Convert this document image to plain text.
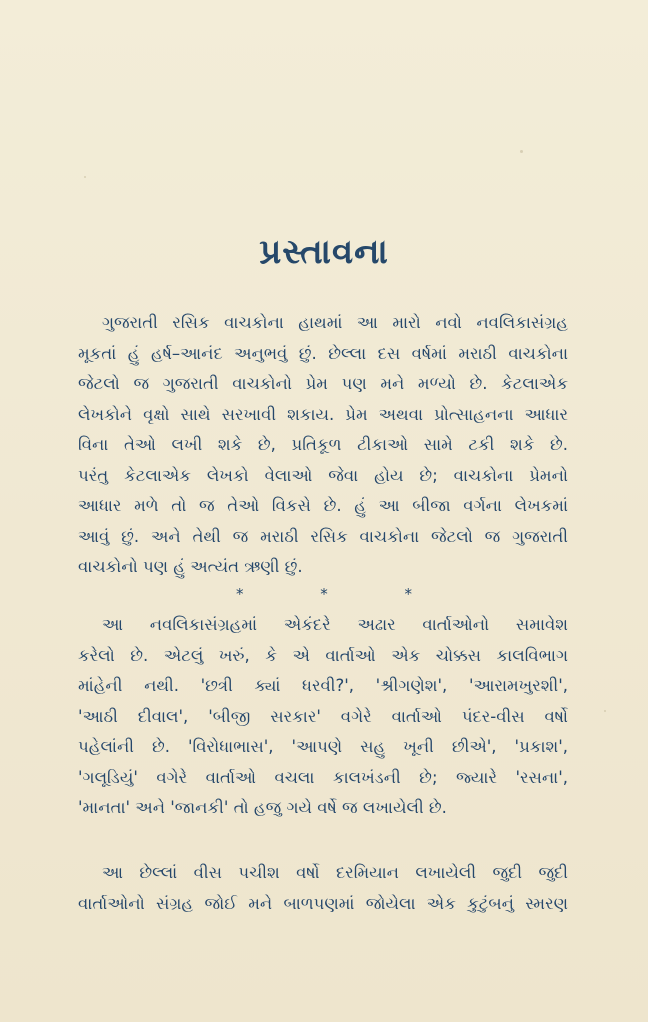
પ્રસ્તાવના
ગુજરાતી રસિક વાચકોના હાથમાં આ મારો નવો નવલિકાસંગ્રહ
મૂકતાં હું હર્ષ–આનંદ અનુભવું છું. છેલ્લા દસ વર્ષમાં મરાઠી વાચકોના
જેટલો જ ગુજરાતી વાચકોનો પ્રેમ પણ મને મળ્યો છે. કેટલાએક
લેખકોને વૃક્ષો સાથે સરખાવી શકાય. પ્રેમ અથવા પ્રોત્સાહનના આધાર
વિના તેઓ લખી શકે છે, પ્રતિકૂળ ટીકાઓ સામે ટકી શકે છે.
પરંતુ કેટલાએક લેખકો વેલાઓ જેવા હોય છે; વાચકોના પ્રેમનો
આધાર મળે તો જ તેઓ વિકસે છે. હું આ બીજા વર્ગના લેખકમાં
આવું છું. અને તેથી જ મરાઠી રસિક વાચકોના જેટલો જ ગુજરાતી
વાચકોનો પણ હું અત્યંત ઋણી છું.
*	*	*
આ નવલિકાસંગ્રહમાં એકંદરે અઢાર વાર્તાઓનો સમાવેશ
કરેલો છે. એટલું ખરું, કે એ વાર્તાઓ એક ચોક્કસ કાલવિભાગ
માંહેની નથી. 'છત્રી ક્યાં ધરવી?', 'શ્રીગણેશ', 'આરામખુરશી',
'આઠી દીવાલ', 'બીજી સરકાર' વગેરે વાર્તાઓ પંદર-વીસ વર્ષો
પહેલાંની છે. 'વિરોધાભાસ', 'આપણે સહુ ખૂની છીએ', 'પ્રકાશ',
'ગલૂડિયું' વગેરે વાર્તાઓ વચલા કાલખંડની છે; જ્યારે 'રસના',
'માનતા' અને 'જાનકી' તો હજુ ગયે વર્ષે જ લખાયેલી છે.
આ છેલ્લાં વીસ પચીશ વર્ષો દરમિયાન લખાયેલી જુદી જુદી
વાર્તાઓનો સંગ્રહ જોઈ મને બાળપણમાં જોયેલા એક કુટુંબનું સ્મરણ
